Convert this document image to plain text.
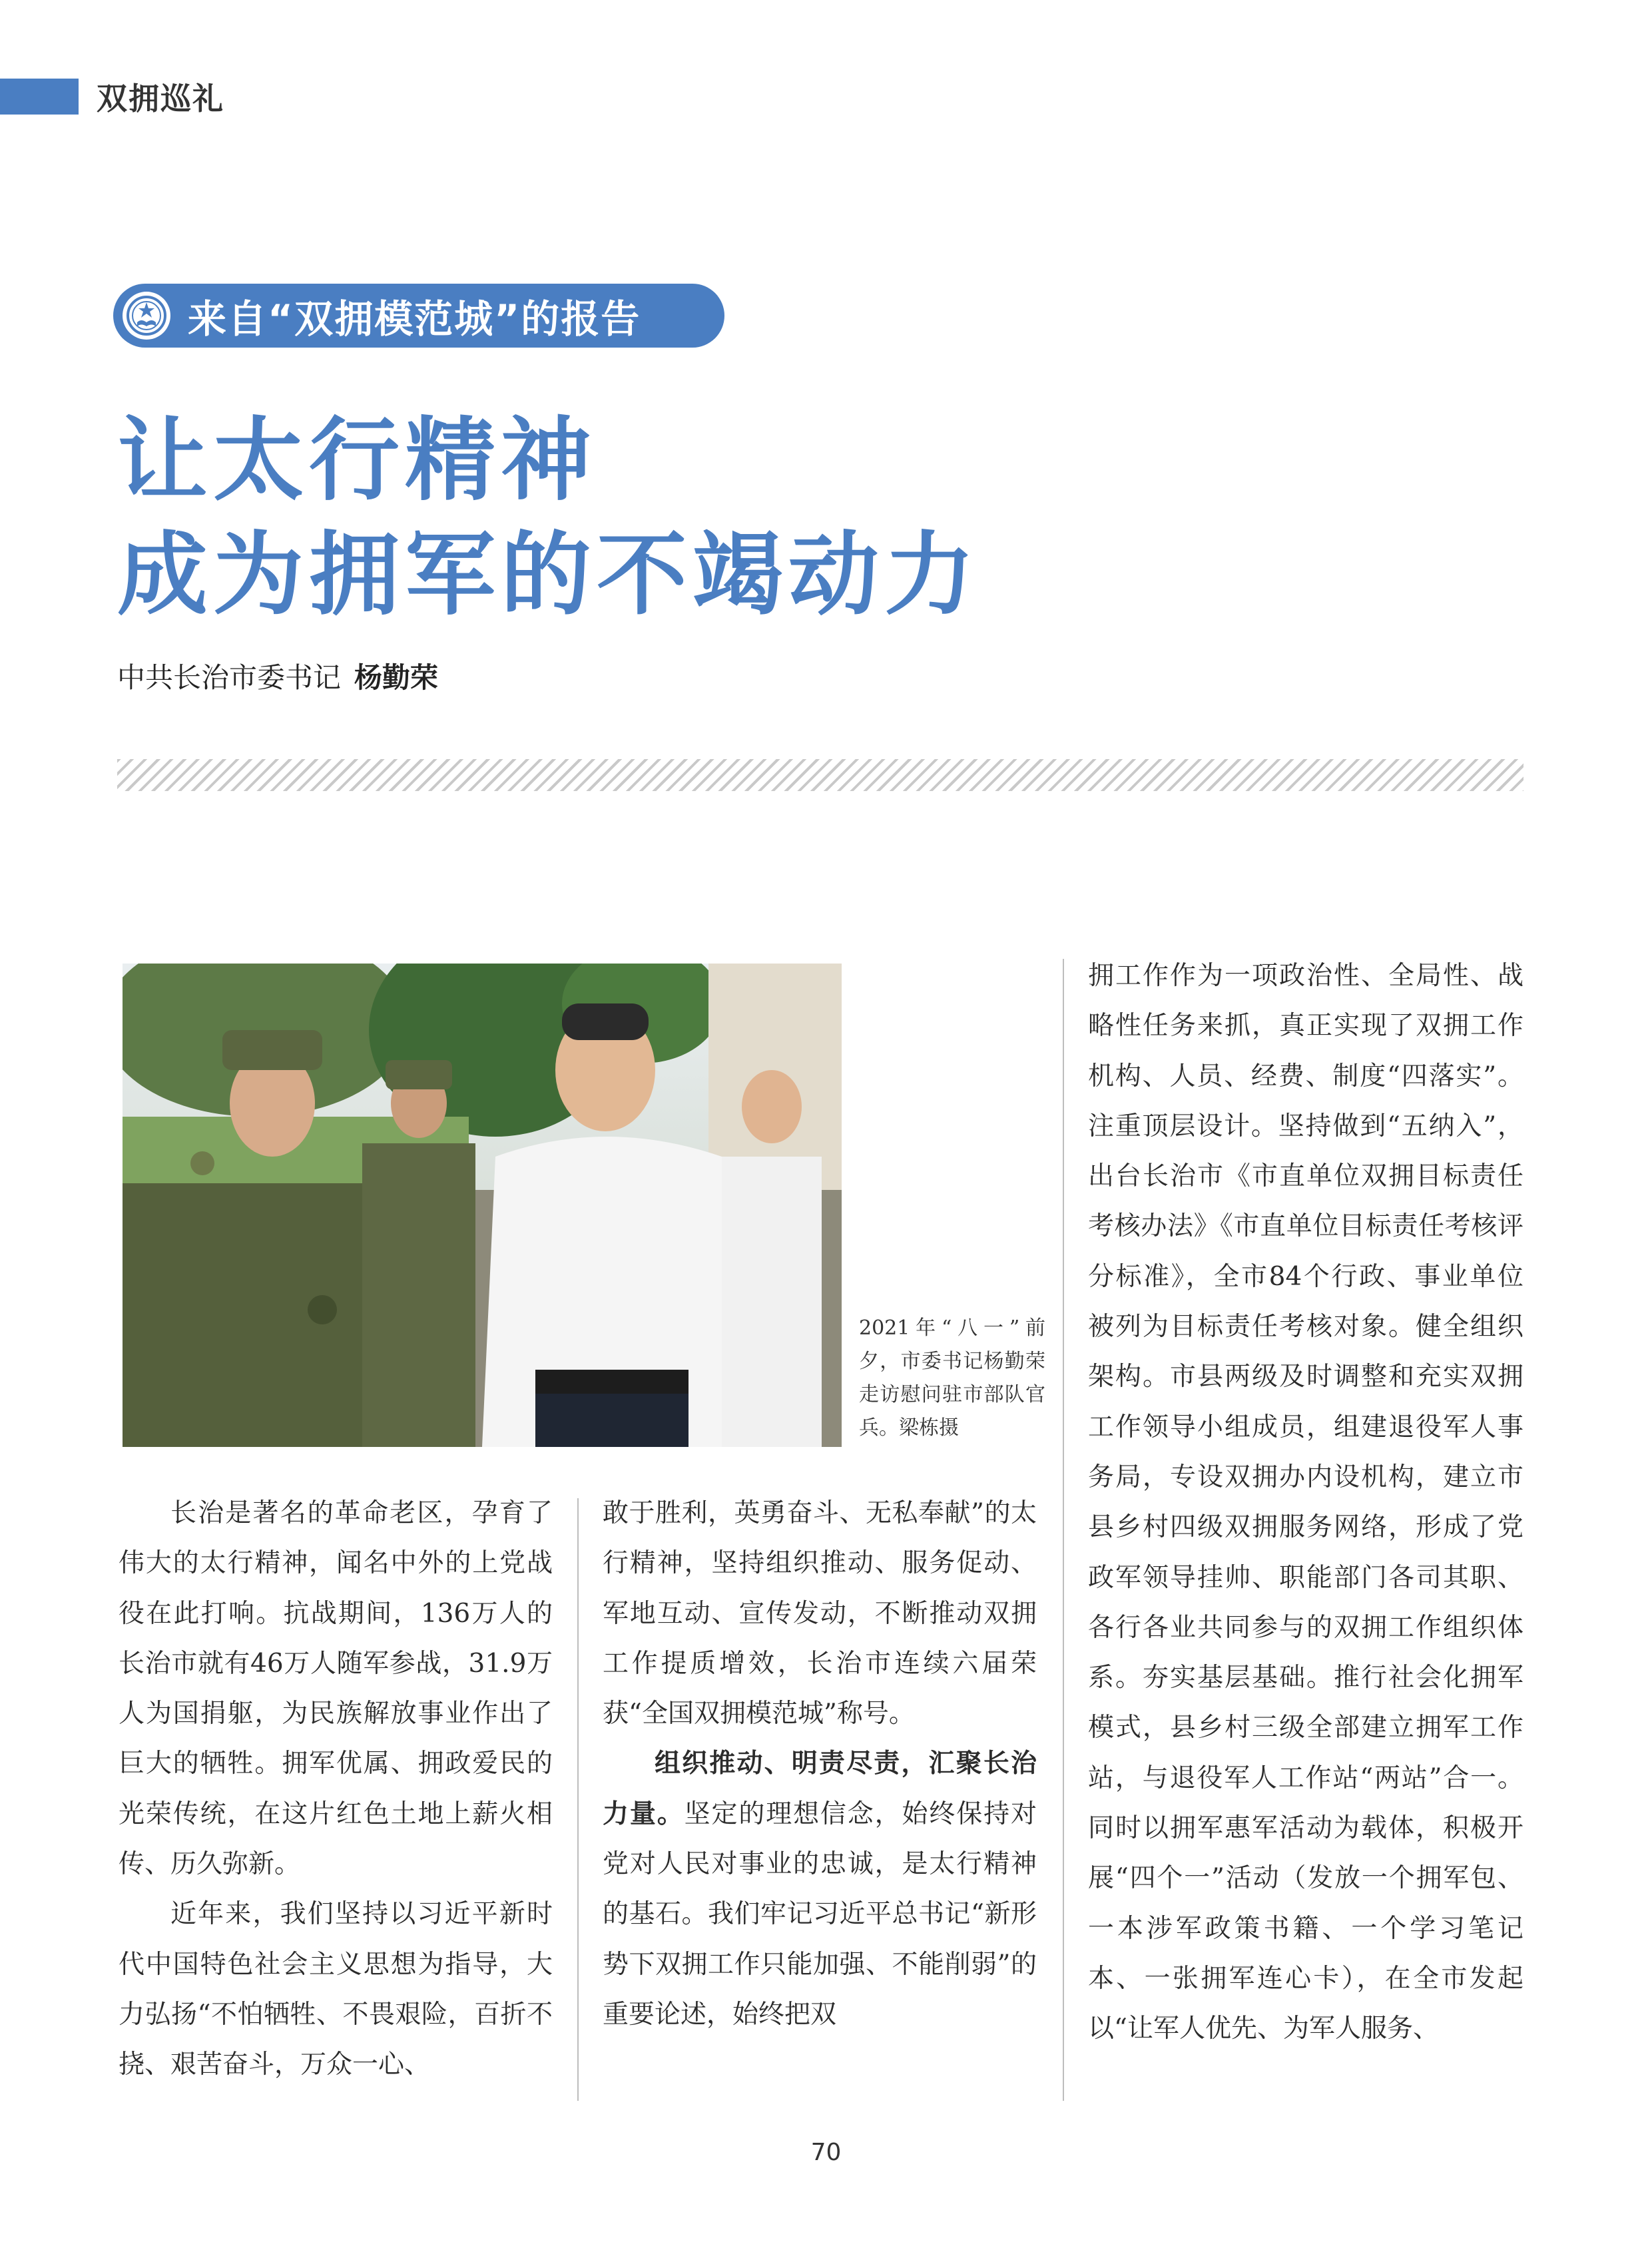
双拥巡礼
来自“双拥模范城”的报告
让太行精神
成为拥军的不竭动力
中共长治市委书记 杨勤荣
2021年“八一”前夕，市委书记杨勤荣走访慰问驻市部队官兵。梁栋摄

长治是著名的革命老区，孕育了伟大的太行精神，闻名中外的上党战役在此打响。抗战期间，136万人的长治市就有46万人随军参战，31.9万人为国捐躯，为民族解放事业作出了巨大的牺牲。拥军优属、拥政爱民的光荣传统，在这片红色土地上薪火相传、历久弥新。

近年来，我们坚持以习近平新时代中国特色社会主义思想为指导，大力弘扬“不怕牺牲、不畏艰险，百折不挠、艰苦奋斗，万众一心、

敢于胜利，英勇奋斗、无私奉献”的太行精神，坚持组织推动、服务促动、军地互动、宣传发动，不断推动双拥工作提质增效，长治市连续六届荣获“全国双拥模范城”称号。

组织推动、明责尽责，汇聚长治力量。坚定的理想信念，始终保持对党对人民对事业的忠诚，是太行精神的基石。我们牢记习近平总书记“新形势下双拥工作只能加强、不能削弱”的重要论述，始终把双

拥工作作为一项政治性、全局性、战略性任务来抓，真正实现了双拥工作机构、人员、经费、制度“四落实”。注重顶层设计。坚持做到“五纳入”，出台长治市《市直单位双拥目标责任考核办法》《市直单位目标责任考核评分标准》，全市84个行政、事业单位被列为目标责任考核对象。健全组织架构。市县两级及时调整和充实双拥工作领导小组成员，组建退役军人事务局，专设双拥办内设机构，建立市县乡村四级双拥服务网络，形成了党政军领导挂帅、职能部门各司其职、各行各业共同参与的双拥工作组织体系。夯实基层基础。推行社会化拥军模式，县乡村三级全部建立拥军工作站，与退役军人工作站“两站”合一。同时以拥军惠军活动为载体，积极开展“四个一”活动（发放一个拥军包、一本涉军政策书籍、一个学习笔记本、一张拥军连心卡），在全市发起以“让军人优先、为军人服务、

70
